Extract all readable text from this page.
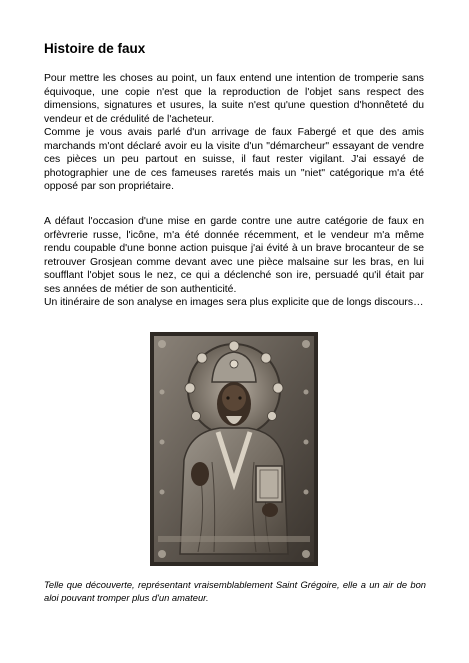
Histoire de faux

Pour mettre les choses au point, un faux entend une intention de tromperie sans équivoque, une copie n'est que la reproduction de l'objet sans respect des dimensions, signatures et usures, la suite n'est qu'une question d'honnêteté du vendeur et de crédulité de l'acheteur.

Comme je vous avais parlé d'un arrivage de faux Fabergé et que des amis marchands m'ont déclaré avoir eu la visite d'un "démarcheur" essayant de vendre ces pièces un peu partout en suisse, il faut rester vigilant. J'ai essayé de photographier une de ces fameuses raretés mais un "niet" catégorique m'a été opposé par son propriétaire.

A défaut l'occasion d'une mise en garde contre une autre catégorie de faux en orfèvrerie russe, l'icône, m'a été donnée récemment, et le vendeur m'a même rendu coupable d'une bonne action puisque j'ai évité à un brave brocanteur de se retrouver Grosjean comme devant avec une pièce malsaine sur les bras, en lui soufflant l'objet sous le nez, ce qui a déclenché son ire, persuadé qu'il était par ses années de métier de son authenticité.

Un itinéraire de son analyse en images sera plus explicite que de longs discours…

Telle que découverte, représentant vraisemblablement Saint Grégoire, elle a un air de bon aloi pouvant tromper plus d'un amateur.
